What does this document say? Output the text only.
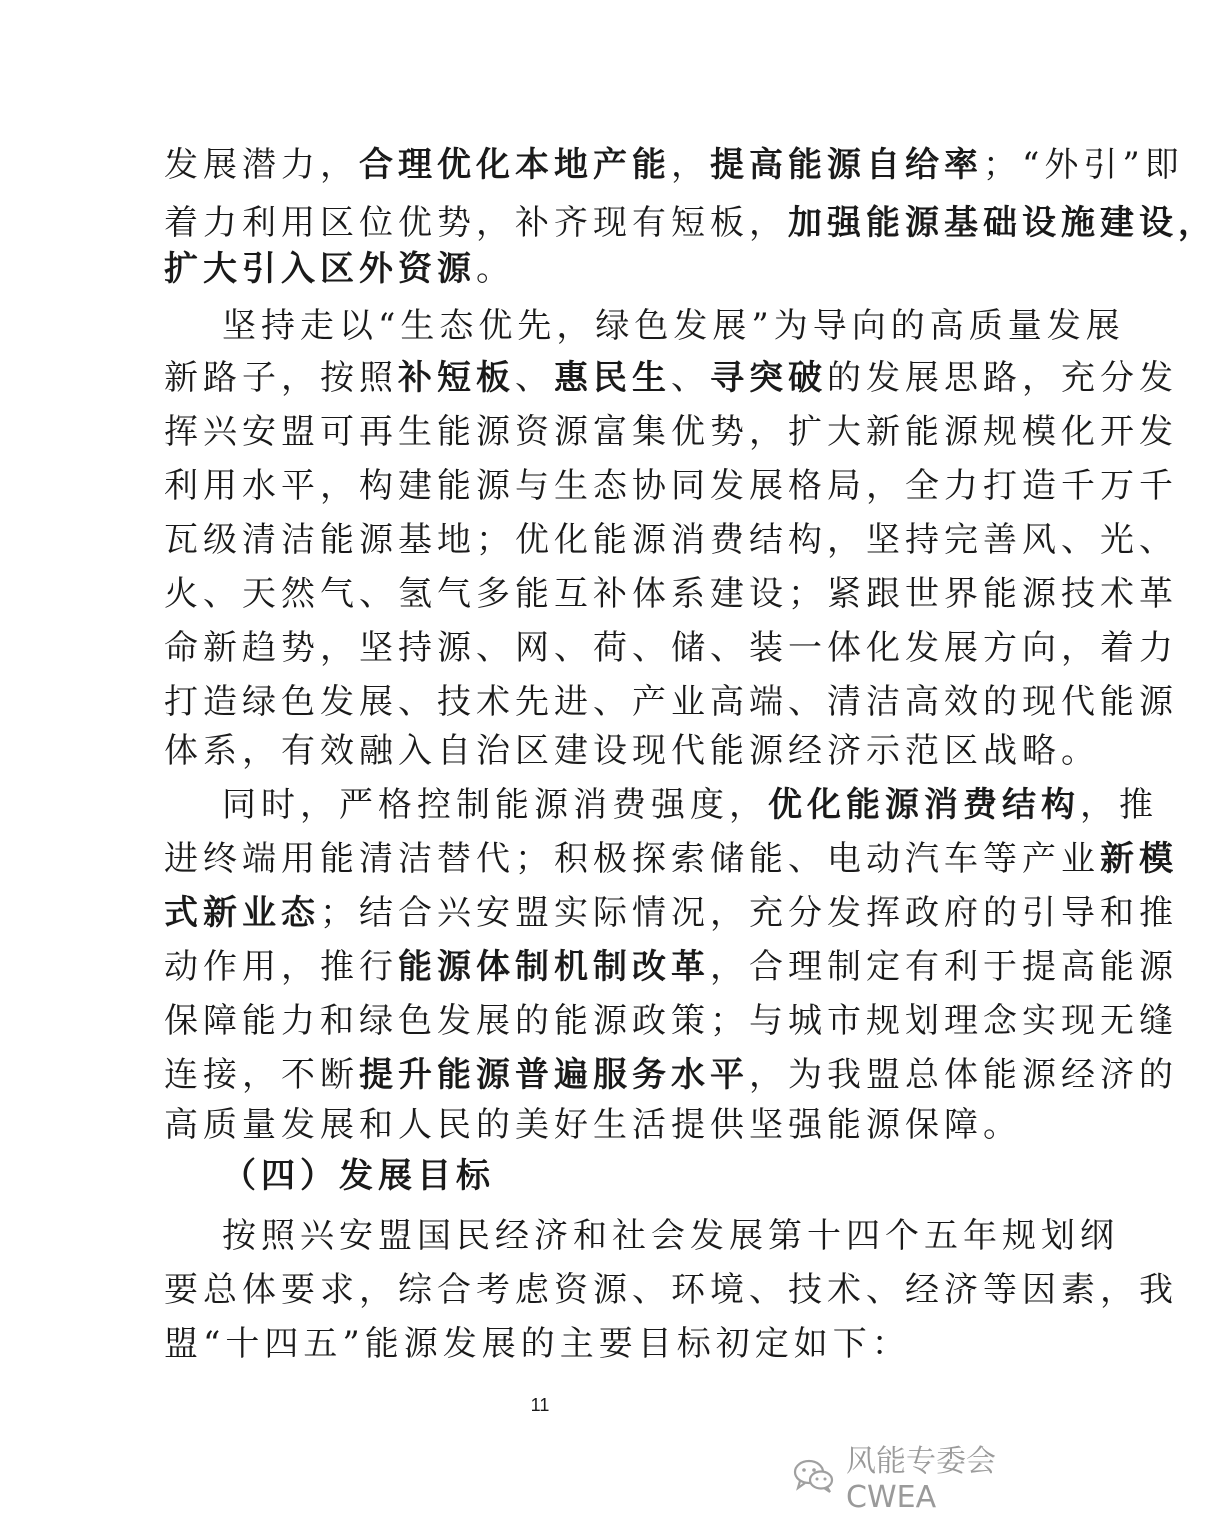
发展潜力，合理优化本地产能，提高能源自给率；“外引”即
着力利用区位优势，补齐现有短板，加强能源基础设施建设，
扩大引入区外资源。
坚持走以“生态优先，绿色发展”为导向的高质量发展
新路子，按照补短板、惠民生、寻突破的发展思路，充分发
挥兴安盟可再生能源资源富集优势，扩大新能源规模化开发
利用水平，构建能源与生态协同发展格局，全力打造千万千
瓦级清洁能源基地；优化能源消费结构，坚持完善风、光、
火、天然气、氢气多能互补体系建设；紧跟世界能源技术革
命新趋势，坚持源、网、荷、储、装一体化发展方向，着力
打造绿色发展、技术先进、产业高端、清洁高效的现代能源
体系，有效融入自治区建设现代能源经济示范区战略。
同时，严格控制能源消费强度，优化能源消费结构，推
进终端用能清洁替代；积极探索储能、电动汽车等产业新模
式新业态；结合兴安盟实际情况，充分发挥政府的引导和推
动作用，推行能源体制机制改革，合理制定有利于提高能源
保障能力和绿色发展的能源政策；与城市规划理念实现无缝
连接，不断提升能源普遍服务水平，为我盟总体能源经济的
高质量发展和人民的美好生活提供坚强能源保障。
（四）发展目标
按照兴安盟国民经济和社会发展第十四个五年规划纲
要总体要求，综合考虑资源、环境、技术、经济等因素，我
盟“十四五”能源发展的主要目标初定如下：
11
风能专委会CWEA
